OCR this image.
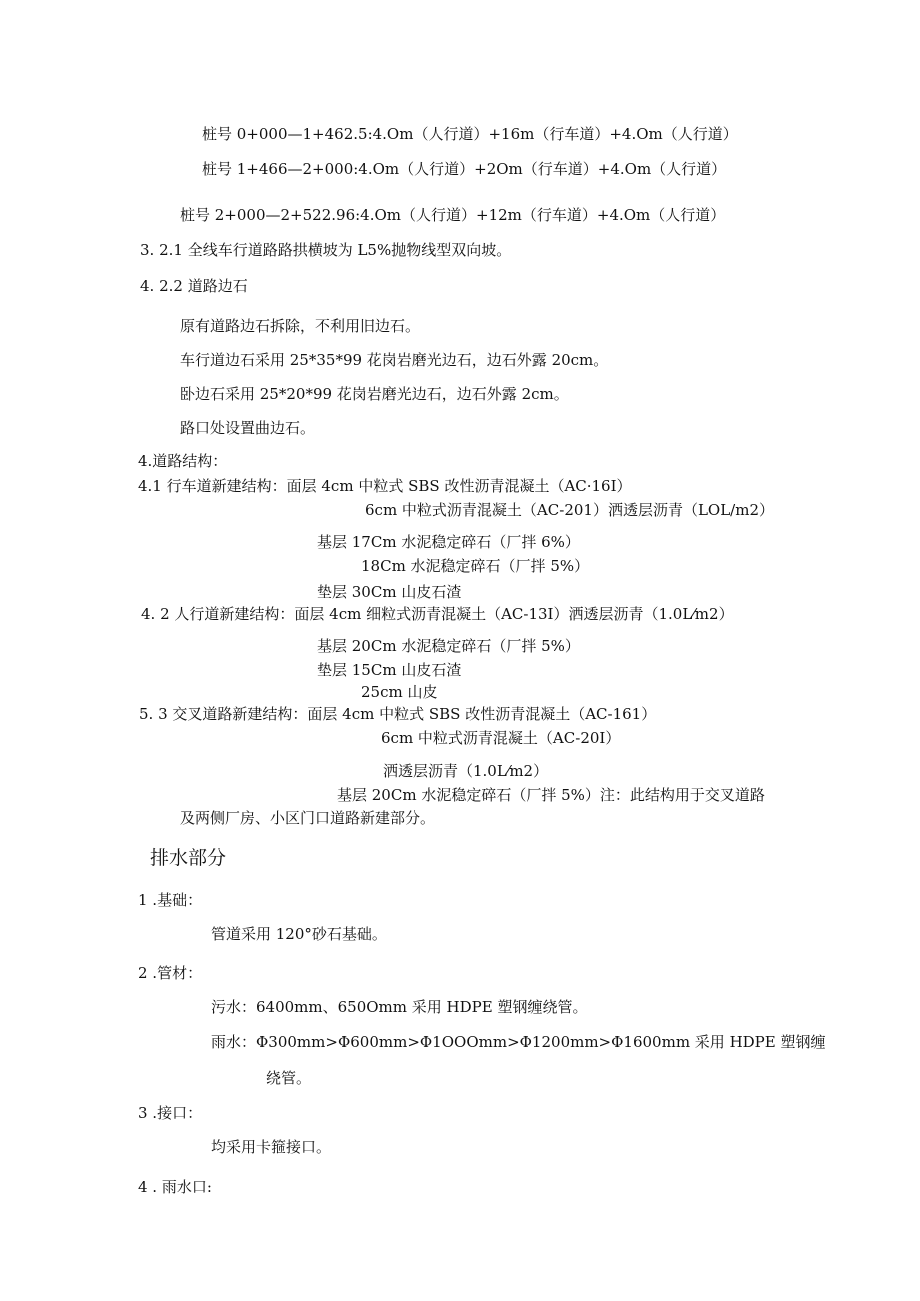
桩号 0+000—1+462.5:4.Om（人行道）+16m（行车道）+4.Om（人行道）

桩号 1+466—2+000:4.Om（人行道）+2Om（行车道）+4.Om（人行道）

桩号 2+000—2+522.96:4.Om（人行道）+12m（行车道）+4.Om（人行道）

3. 2.1 全线车行道路路拱横坡为 L5%抛物线型双向坡。

4. 2.2 道路边石

原有道路边石拆除，不利用旧边石。

车行道边石采用 25*35*99 花岗岩磨光边石，边石外露 20cm。

卧边石采用 25*20*99 花岗岩磨光边石，边石外露 2cm。

路口处设置曲边石。

4.道路结构：

4.1 行车道新建结构：面层 4cm 中粒式 SBS 改性沥青混凝土（AC·16I）

6cm 中粒式沥青混凝土（AC-201）洒透层沥青（LOL/m2）

基层 17Cm 水泥稳定碎石（厂拌 6%）

18Cm 水泥稳定碎石（厂拌 5%）

垫层 30Cm 山皮石渣

4. 2 人行道新建结构：面层 4cm 细粒式沥青混凝土（AC-13I）洒透层沥青（1.0L⁄m2）

基层 20Cm 水泥稳定碎石（厂拌 5%）

垫层 15Cm 山皮石渣

25cm 山皮

5. 3 交叉道路新建结构：面层 4cm 中粒式 SBS 改性沥青混凝土（AC-161）

6cm 中粒式沥青混凝土（AC-20I）

洒透层沥青（1.0L⁄m2）

基层 20Cm 水泥稳定碎石（厂拌 5%）注：此结构用于交叉道路

及两侧厂房、小区门口道路新建部分。

排水部分

1 .基础：

管道采用 120°砂石基础。

2 .管材：

污水：6400mm、650Omm 采用 HDPE 塑钢缠绕管。

雨水：Φ300mm>Φ600mm>Φ1OOOmm>Φ1200mm>Φ1600mm 采用 HDPE 塑钢缠

绕管。

3 .接口：

均采用卡箍接口。

4 . 雨水口:
